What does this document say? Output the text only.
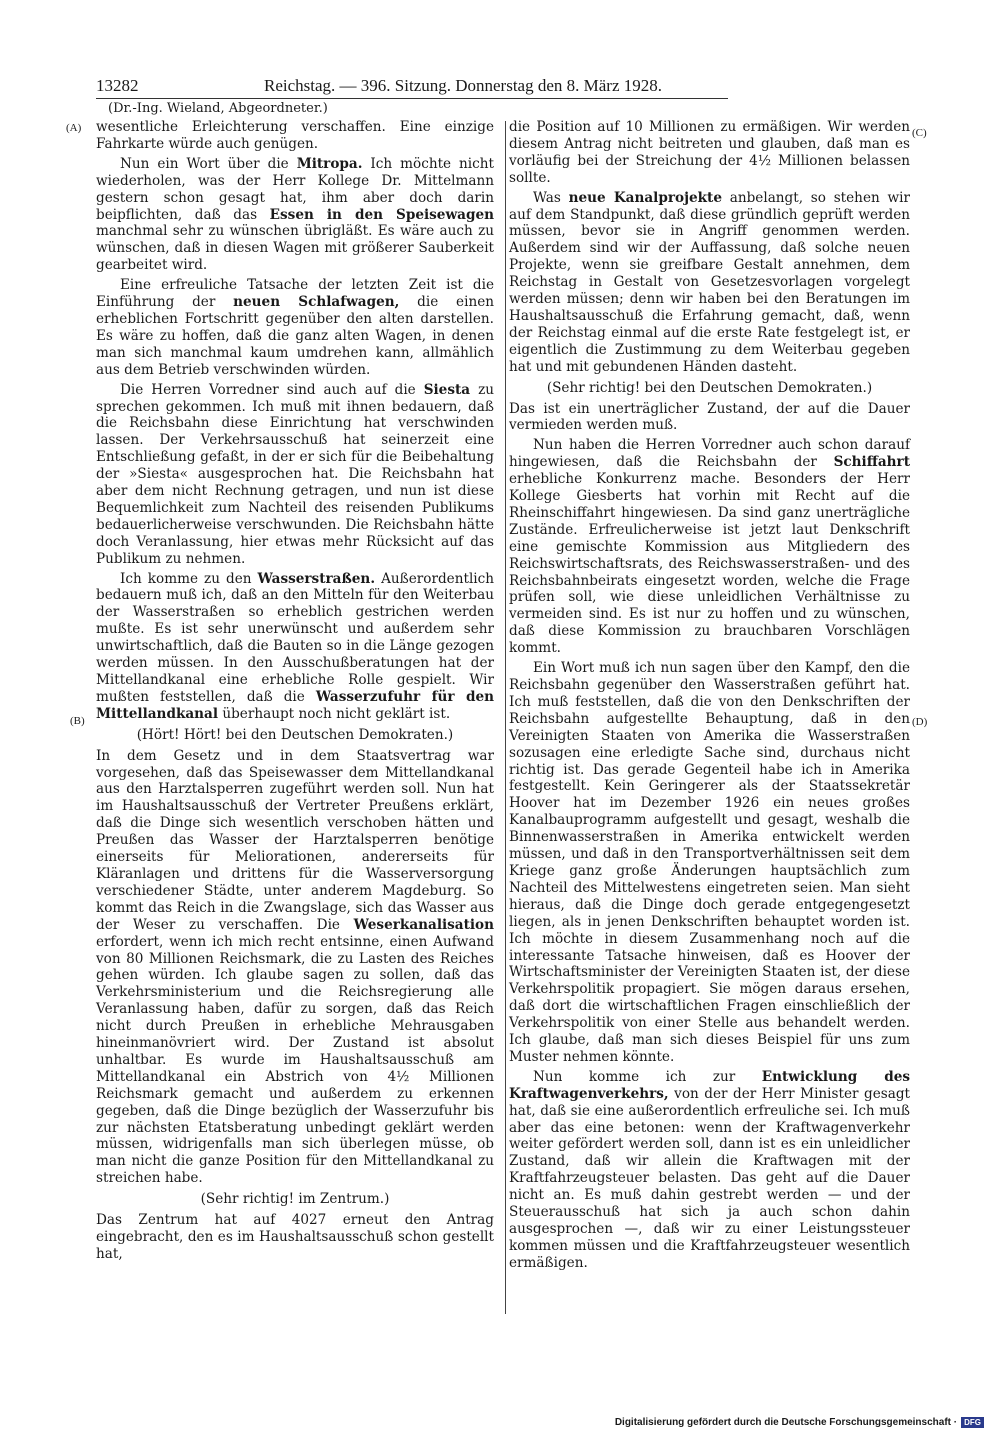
13282	Reichstag. — 396. Sitzung. Donnerstag den 8. März 1928.
(Dr.-Ing. Wieland, Abgeordneter.)
(A)
(B)
(C)
(D)

wesentliche Erleichterung verschaffen. Eine einzige Fahrkarte würde auch genügen.

Nun ein Wort über die Mitropa. Ich möchte nicht wiederholen, was der Herr Kollege Dr. Mittelmann gestern schon gesagt hat, ihm aber doch darin beipflichten, daß das Essen in den Speisewagen manchmal sehr zu wünschen übrigläßt. Es wäre auch zu wünschen, daß in diesen Wagen mit größerer Sauberkeit gearbeitet wird.

Eine erfreuliche Tatsache der letzten Zeit ist die Einführung der neuen Schlafwagen, die einen erheblichen Fortschritt gegenüber den alten darstellen. Es wäre zu hoffen, daß die ganz alten Wagen, in denen man sich manchmal kaum umdrehen kann, allmählich aus dem Betrieb verschwinden würden.

Die Herren Vorredner sind auch auf die Siesta zu sprechen gekommen. Ich muß mit ihnen bedauern, daß die Reichsbahn diese Einrichtung hat verschwinden lassen. Der Verkehrsausschuß hat seinerzeit eine Entschließung gefaßt, in der er sich für die Beibehaltung der »Siesta« ausgesprochen hat. Die Reichsbahn hat aber dem nicht Rechnung getragen, und nun ist diese Bequemlichkeit zum Nachteil des reisenden Publikums bedauerlicherweise verschwunden. Die Reichsbahn hätte doch Veranlassung, hier etwas mehr Rücksicht auf das Publikum zu nehmen.

Ich komme zu den Wasserstraßen. Außerordentlich bedauern muß ich, daß an den Mitteln für den Weiterbau der Wasserstraßen so erheblich gestrichen werden mußte. Es ist sehr unerwünscht und außerdem sehr unwirtschaftlich, daß die Bauten so in die Länge gezogen werden müssen. In den Ausschußberatungen hat der Mittellandkanal eine erhebliche Rolle gespielt. Wir mußten feststellen, daß die Wasserzufuhr für den Mittellandkanal überhaupt noch nicht geklärt ist.

(Hört! Hört! bei den Deutschen Demokraten.)

In dem Gesetz und in dem Staatsvertrag war vorgesehen, daß das Speisewasser dem Mittellandkanal aus den Harztalsperren zugeführt werden soll. Nun hat im Haushaltsausschuß der Vertreter Preußens erklärt, daß die Dinge sich wesentlich verschoben hätten und Preußen das Wasser der Harztalsperren benötige einerseits für Meliorationen, andererseits für Kläranlagen und drittens für die Wasserversorgung verschiedener Städte, unter anderem Magdeburg. So kommt das Reich in die Zwangslage, sich das Wasser aus der Weser zu verschaffen. Die Weserkanalisation erfordert, wenn ich mich recht entsinne, einen Aufwand von 80 Millionen Reichsmark, die zu Lasten des Reiches gehen würden. Ich glaube sagen zu sollen, daß das Verkehrsministerium und die Reichsregierung alle Veranlassung haben, dafür zu sorgen, daß das Reich nicht durch Preußen in erhebliche Mehrausgaben hineinmanövriert wird. Der Zustand ist absolut unhaltbar. Es wurde im Haushaltsausschuß am Mittellandkanal ein Abstrich von 4½ Millionen Reichsmark gemacht und außerdem zu erkennen gegeben, daß die Dinge bezüglich der Wasserzufuhr bis zur nächsten Etatsberatung unbedingt geklärt werden müssen, widrigenfalls man sich überlegen müsse, ob man nicht die ganze Position für den Mittellandkanal zu streichen habe.

(Sehr richtig! im Zentrum.)

Das Zentrum hat auf 4027 erneut den Antrag eingebracht, den es im Haushaltsausschuß schon gestellt hat,

die Position auf 10 Millionen zu ermäßigen. Wir werden diesem Antrag nicht beitreten und glauben, daß man es vorläufig bei der Streichung der 4½ Millionen belassen sollte.

Was neue Kanalprojekte anbelangt, so stehen wir auf dem Standpunkt, daß diese gründlich geprüft werden müssen, bevor sie in Angriff genommen werden. Außerdem sind wir der Auffassung, daß solche neuen Projekte, wenn sie greifbare Gestalt annehmen, dem Reichstag in Gestalt von Gesetzesvorlagen vorgelegt werden müssen; denn wir haben bei den Beratungen im Haushaltsausschuß die Erfahrung gemacht, daß, wenn der Reichstag einmal auf die erste Rate festgelegt ist, er eigentlich die Zustimmung zu dem Weiterbau gegeben hat und mit gebundenen Händen dasteht.

(Sehr richtig! bei den Deutschen Demokraten.)

Das ist ein unerträglicher Zustand, der auf die Dauer vermieden werden muß.

Nun haben die Herren Vorredner auch schon darauf hingewiesen, daß die Reichsbahn der Schiffahrt erhebliche Konkurrenz mache. Besonders der Herr Kollege Giesberts hat vorhin mit Recht auf die Rheinschiffahrt hingewiesen. Da sind ganz unerträgliche Zustände. Erfreulicherweise ist jetzt laut Denkschrift eine gemischte Kommission aus Mitgliedern des Reichswirtschaftsrats, des Reichswasserstraßen- und des Reichsbahnbeirats eingesetzt worden, welche die Frage prüfen soll, wie diese unleidlichen Verhältnisse zu vermeiden sind. Es ist nur zu hoffen und zu wünschen, daß diese Kommission zu brauchbaren Vorschlägen kommt.

Ein Wort muß ich nun sagen über den Kampf, den die Reichsbahn gegenüber den Wasserstraßen geführt hat. Ich muß feststellen, daß die von den Denkschriften der Reichsbahn aufgestellte Behauptung, daß in den Vereinigten Staaten von Amerika die Wasserstraßen sozusagen eine erledigte Sache sind, durchaus nicht richtig ist. Das gerade Gegenteil habe ich in Amerika festgestellt. Kein Geringerer als der Staatssekretär Hoover hat im Dezember 1926 ein neues großes Kanalbauprogramm aufgestellt und gesagt, weshalb die Binnenwasserstraßen in Amerika entwickelt werden müssen, und daß in den Transportverhältnissen seit dem Kriege ganz große Änderungen hauptsächlich zum Nachteil des Mittelwestens eingetreten seien. Man sieht hieraus, daß die Dinge doch gerade entgegengesetzt liegen, als in jenen Denkschriften behauptet worden ist. Ich möchte in diesem Zusammenhang noch auf die interessante Tatsache hinweisen, daß es Hoover der Wirtschaftsminister der Vereinigten Staaten ist, der diese Verkehrspolitik propagiert. Sie mögen daraus ersehen, daß dort die wirtschaftlichen Fragen einschließlich der Verkehrspolitik von einer Stelle aus behandelt werden. Ich glaube, daß man sich dieses Beispiel für uns zum Muster nehmen könnte.

Nun komme ich zur Entwicklung des Kraftwagenverkehrs, von der der Herr Minister gesagt hat, daß sie eine außerordentlich erfreuliche sei. Ich muß aber das eine betonen: wenn der Kraftwagenverkehr weiter gefördert werden soll, dann ist es ein unleidlicher Zustand, daß wir allein die Kraftwagen mit der Kraftfahrzeugsteuer belasten. Das geht auf die Dauer nicht an. Es muß dahin gestrebt werden — und der Steuerausschuß hat sich ja auch schon dahin ausgesprochen —, daß wir zu einer Leistungssteuer kommen müssen und die Kraftfahrzeugsteuer wesentlich ermäßigen.

Digitalisierung gefördert durch die Deutsche Forschungsgemeinschaft · DFG
